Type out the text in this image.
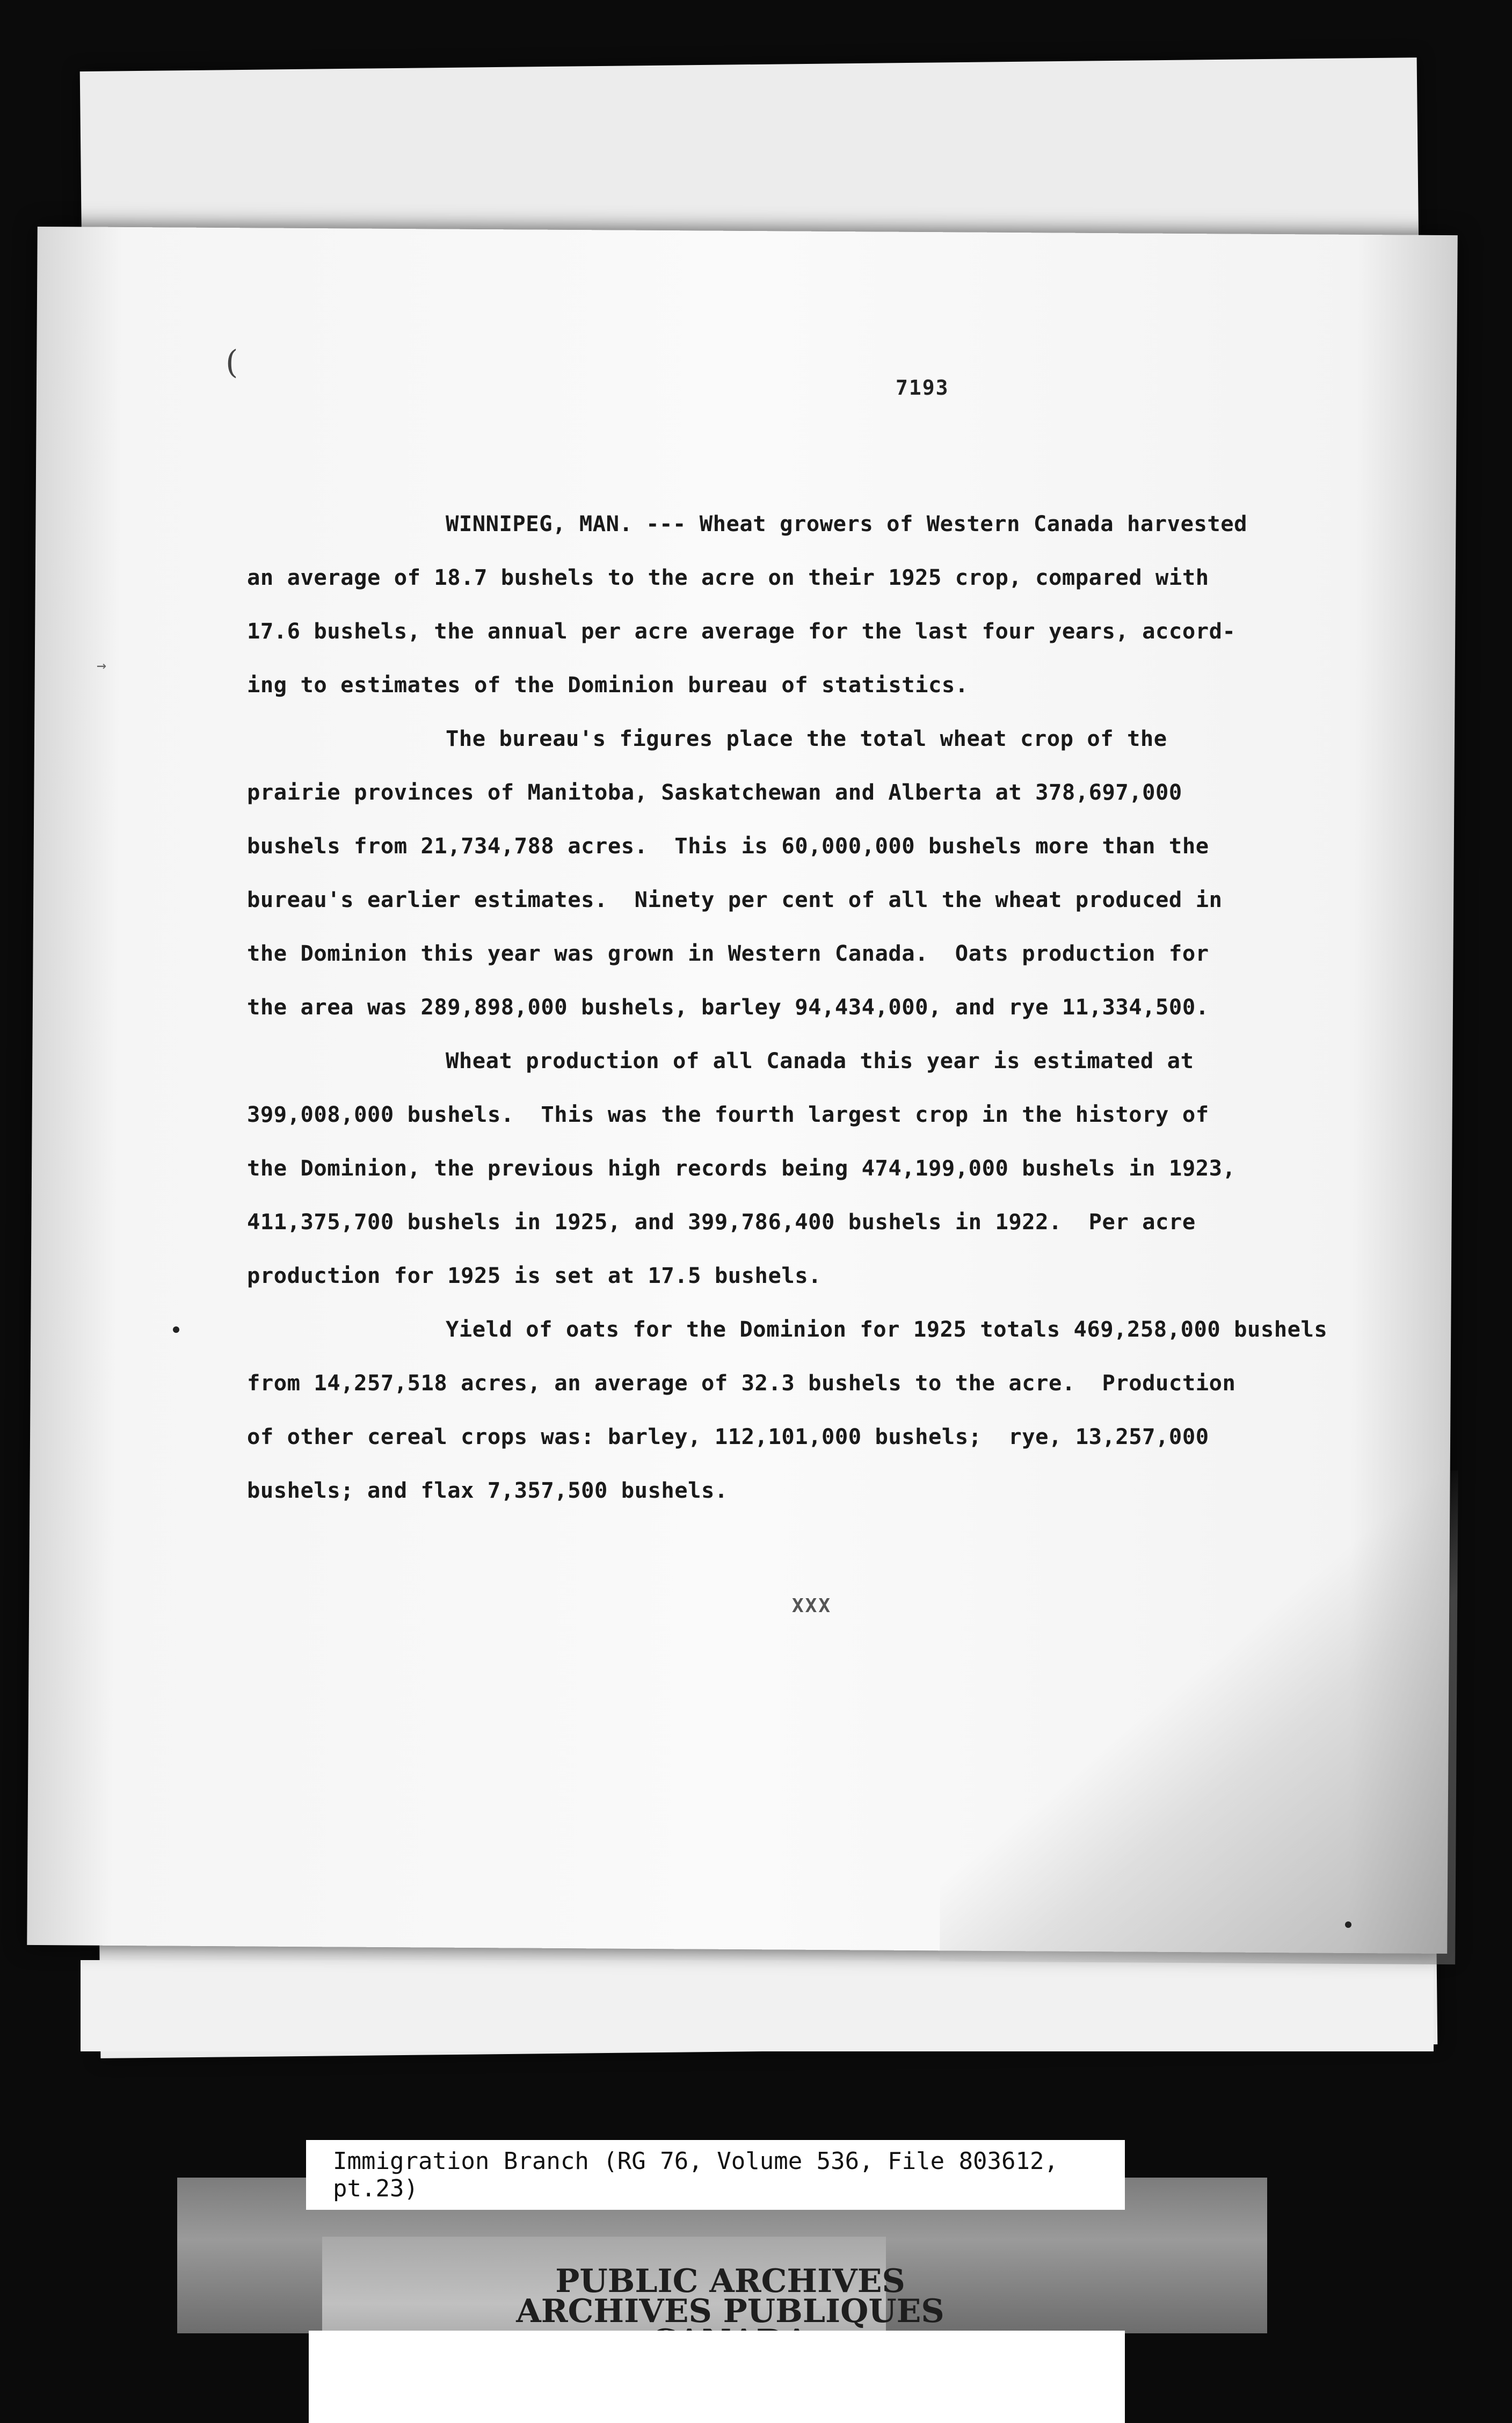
(
→
7193
WINNIPEG, MAN. --- Wheat growers of Western Canada harvested
an average of 18.7 bushels to the acre on their 1925 crop, compared with
17.6 bushels, the annual per acre average for the last four years, accord-
ing to estimates of the Dominion bureau of statistics.
The bureau's figures place the total wheat crop of the
prairie provinces of Manitoba, Saskatchewan and Alberta at 378,697,000
bushels from 21,734,788 acres.  This is 60,000,000 bushels more than the
bureau's earlier estimates.  Ninety per cent of all the wheat produced in
the Dominion this year was grown in Western Canada.  Oats production for
the area was 289,898,000 bushels, barley 94,434,000, and rye 11,334,500.
Wheat production of all Canada this year is estimated at
399,008,000 bushels.  This was the fourth largest crop in the history of
the Dominion, the previous high records being 474,199,000 bushels in 1923,
411,375,700 bushels in 1925, and 399,786,400 bushels in 1922.  Per acre
production for 1925 is set at 17.5 bushels.
Yield of oats for the Dominion for 1925 totals 469,258,000 bushels
from 14,257,518 acres, an average of 32.3 bushels to the acre.  Production
of other cereal crops was: barley, 112,101,000 bushels;  rye, 13,257,000
bushels; and flax 7,357,500 bushels.
XXX
Immigration Branch (RG 76, Volume 536, File 803612, pt.23)
PUBLIC ARCHIVES
ARCHIVES PUBLIQUES
